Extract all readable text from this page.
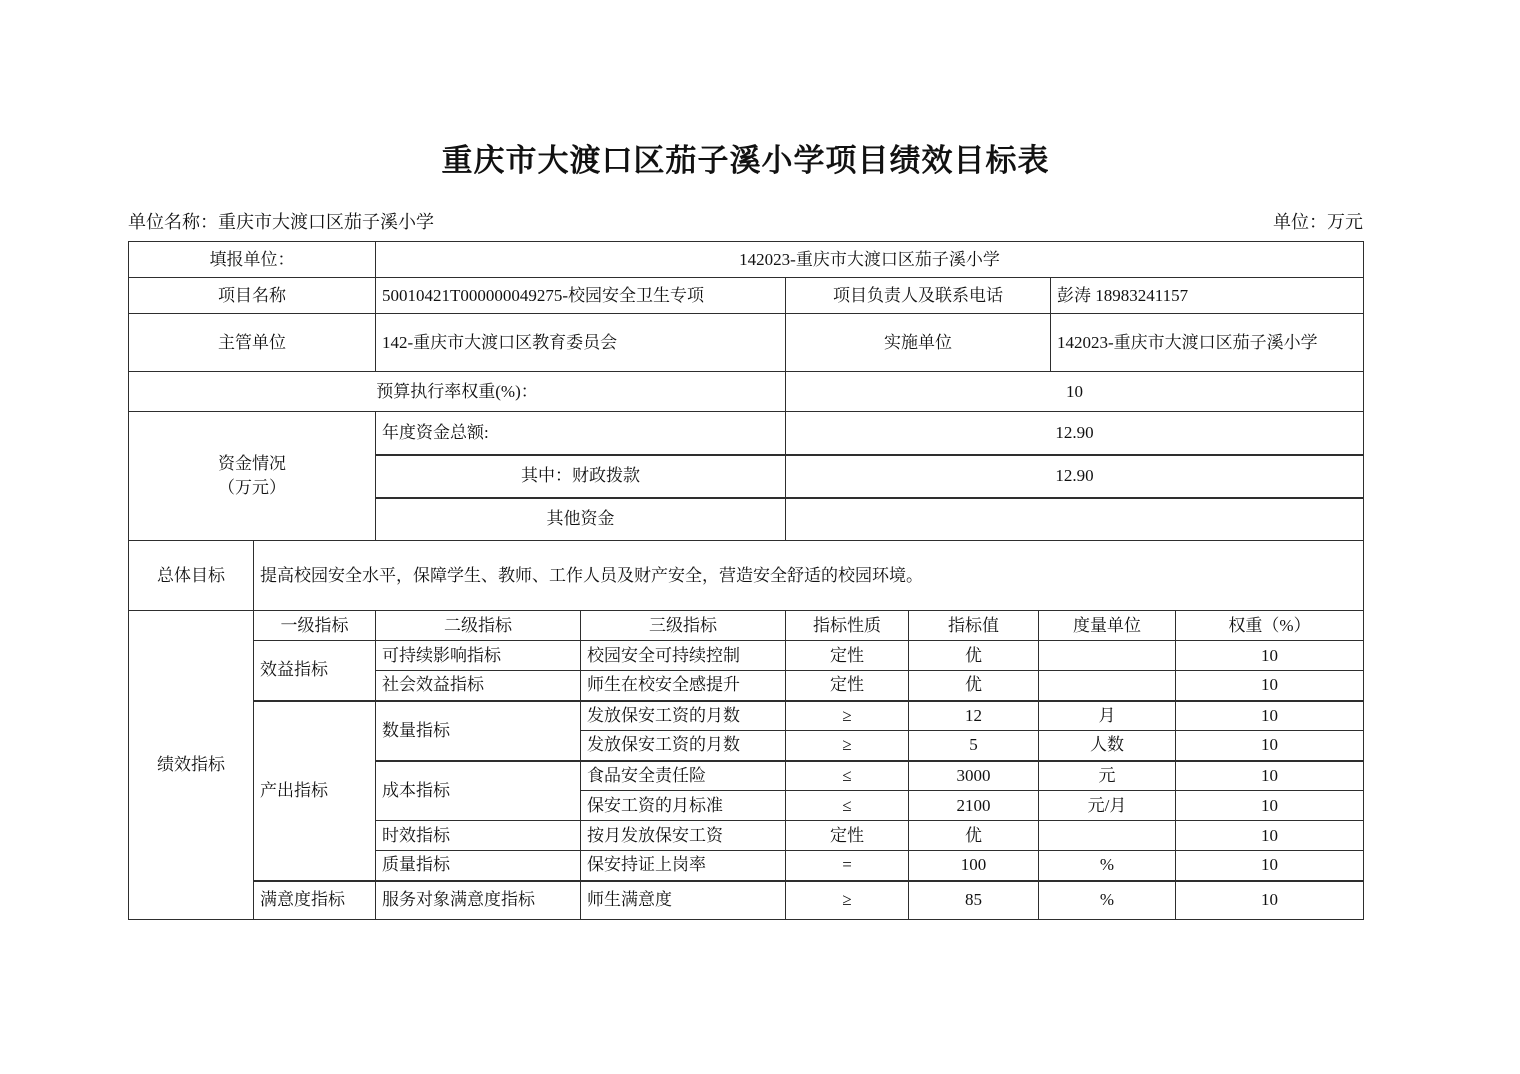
重庆市大渡口区茄子溪小学项目绩效目标表
单位名称：重庆市大渡口区茄子溪小学	单位：万元
填报单位：		142023-重庆市大渡口区茄子溪小学						
项目名称		50010421T000000049275-校园安全卫生专项		项目负责人及联系电话			彭涛 18983241157	
主管单位		142-重庆市大渡口区教育委员会		实施单位			142023-重庆市大渡口区茄子溪小学	
预算执行率权重(%)：				10				

资金情况
（万元）		年度资金总额:		12.90				
		其中：财政拨款		12.90				
		其他资金						
总体目标	提高校园安全水平，保障学生、教师、工作人员及财产安全，营造安全舒适的校园环境。							
绩效指标	一级指标	二级指标	三级指标	指标性质	指标值	度量单位		权重（%）
	效益指标	可持续影响指标	校园安全可持续控制	定性	优			10
		社会效益指标	师生在校安全感提升	定性	优			10
	产出指标	数量指标	发放保安工资的月数	≥	12	月		10
			发放保安工资的月数	≥	5	人数		10
		成本指标	食品安全责任险	≤	3000	元		10
			保安工资的月标准	≤	2100	元/月		10
		时效指标	按月发放保安工资	定性	优			10
		质量指标	保安持证上岗率	=	100	%		10
	满意度指标	服务对象满意度指标	师生满意度	≥	85	%		10
